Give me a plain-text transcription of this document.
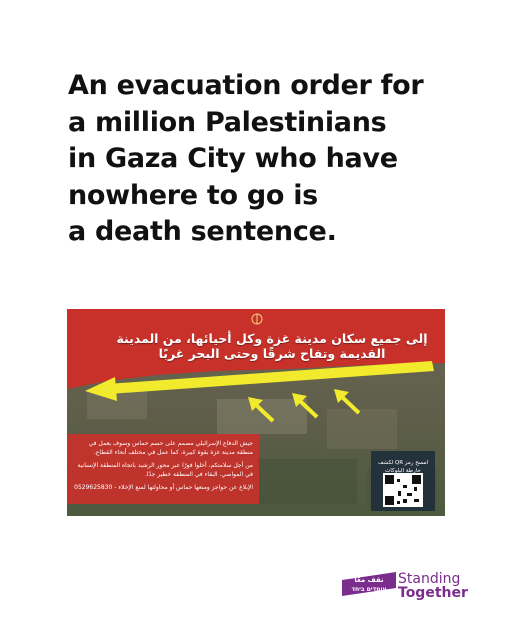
An evacuation order for
a million Palestinians
in Gaza City who have
nowhere to go is
a death sentence.
إلى جميع سكان مدينة غزة وكل أحيائها، من المدينة
القديمة وتفاح شرقًا وحتى البحر غربًا

جيش الدفاع الإسرائيلي مصمم على حسم حماس وسوف يعمل في منطقة مدينة غزة بقوة كبيرة، كما عمل في مختلف أنحاء القطاع.

من أجل سلامتكم، أخلوا فورًا عبر محور الرشيد باتجاه المنطقة الإنسانية في المواصي. البقاء في المنطقة خطير جدًا.

الإبلاغ عن حواجز ومنعها حماس أو محاولتها لمنع الإخلاء - 0529625830

امسح رمز QR لكشف خارطة البلوكات
نقف معًا
עומדים ביחד
Standing
Together
